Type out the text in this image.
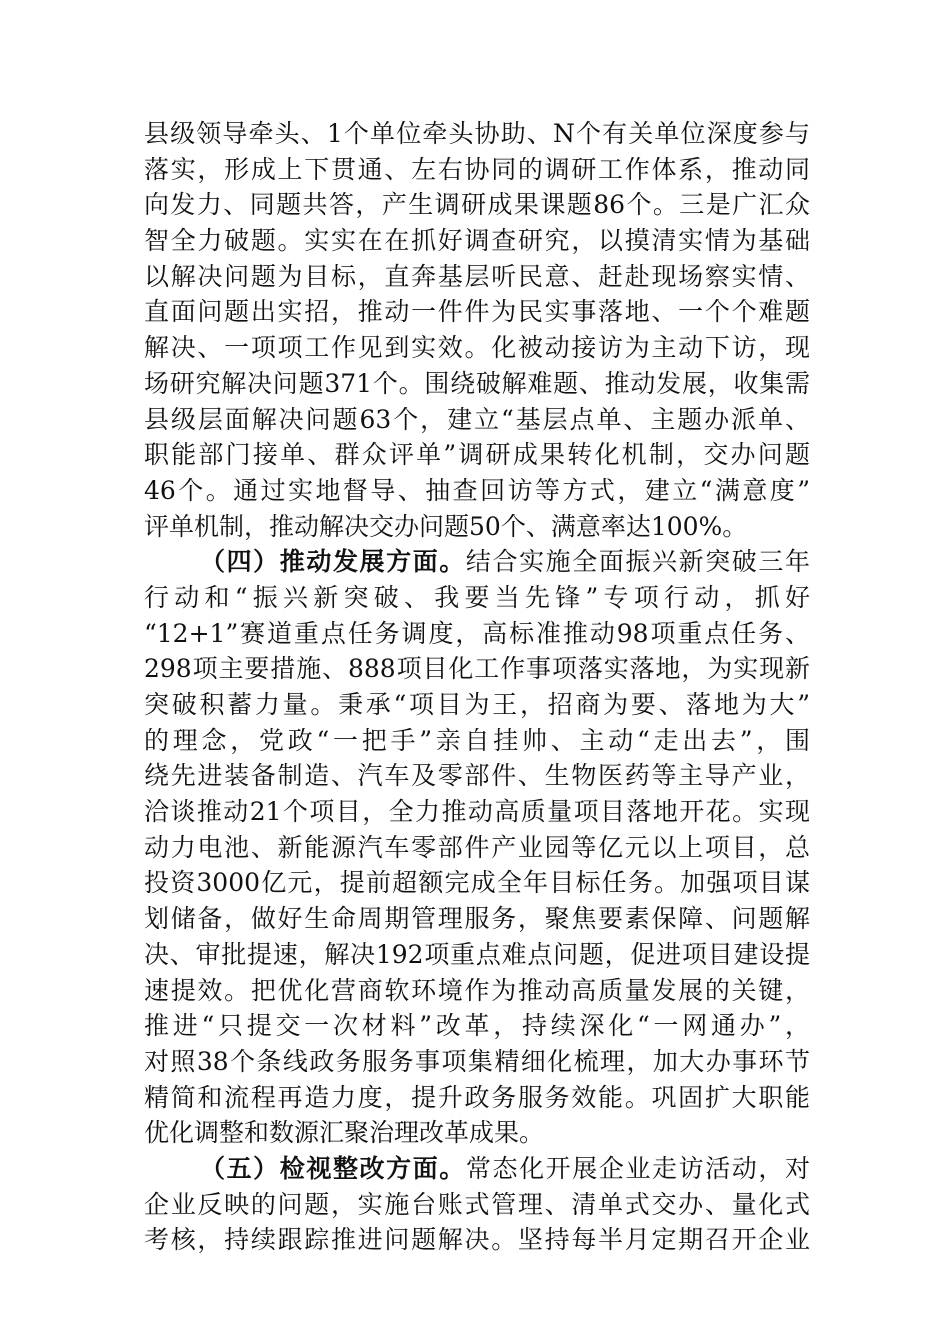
县级领导牵头、1个单位牵头协助、N个有关单位深度参与
落实，形成上下贯通、左右协同的调研工作体系，推动同
向发力、同题共答，产生调研成果课题86个。三是广汇众
智全力破题。实实在在抓好调查研究，以摸清实情为基础
以解决问题为目标，直奔基层听民意、赶赴现场察实情、
直面问题出实招，推动一件件为民实事落地、一个个难题
解决、一项项工作见到实效。化被动接访为主动下访，现
场研究解决问题371个。围绕破解难题、推动发展，收集需
县级层面解决问题63个，建立“基层点单、主题办派单、
职能部门接单、群众评单”调研成果转化机制，交办问题
46个。通过实地督导、抽查回访等方式，建立“满意度”
评单机制，推动解决交办问题50个、满意率达100%。
（四）推动发展方面。结合实施全面振兴新突破三年
行动和“振兴新突破、我要当先锋”专项行动，抓好
“12+1”赛道重点任务调度，高标准推动98项重点任务、
298项主要措施、888项目化工作事项落实落地，为实现新
突破积蓄力量。秉承“项目为王，招商为要、落地为大”
的理念，党政“一把手”亲自挂帅、主动“走出去”，围
绕先进装备制造、汽车及零部件、生物医药等主导产业，
洽谈推动21个项目，全力推动高质量项目落地开花。实现
动力电池、新能源汽车零部件产业园等亿元以上项目，总
投资3000亿元，提前超额完成全年目标任务。加强项目谋
划储备，做好生命周期管理服务，聚焦要素保障、问题解
决、审批提速，解决192项重点难点问题，促进项目建设提
速提效。把优化营商软环境作为推动高质量发展的关键，
推进“只提交一次材料”改革，持续深化“一网通办”，
对照38个条线政务服务事项集精细化梳理，加大办事环节
精简和流程再造力度，提升政务服务效能。巩固扩大职能
优化调整和数源汇聚治理改革成果。
（五）检视整改方面。常态化开展企业走访活动，对
企业反映的问题，实施台账式管理、清单式交办、量化式
考核，持续跟踪推进问题解决。坚持每半月定期召开企业
